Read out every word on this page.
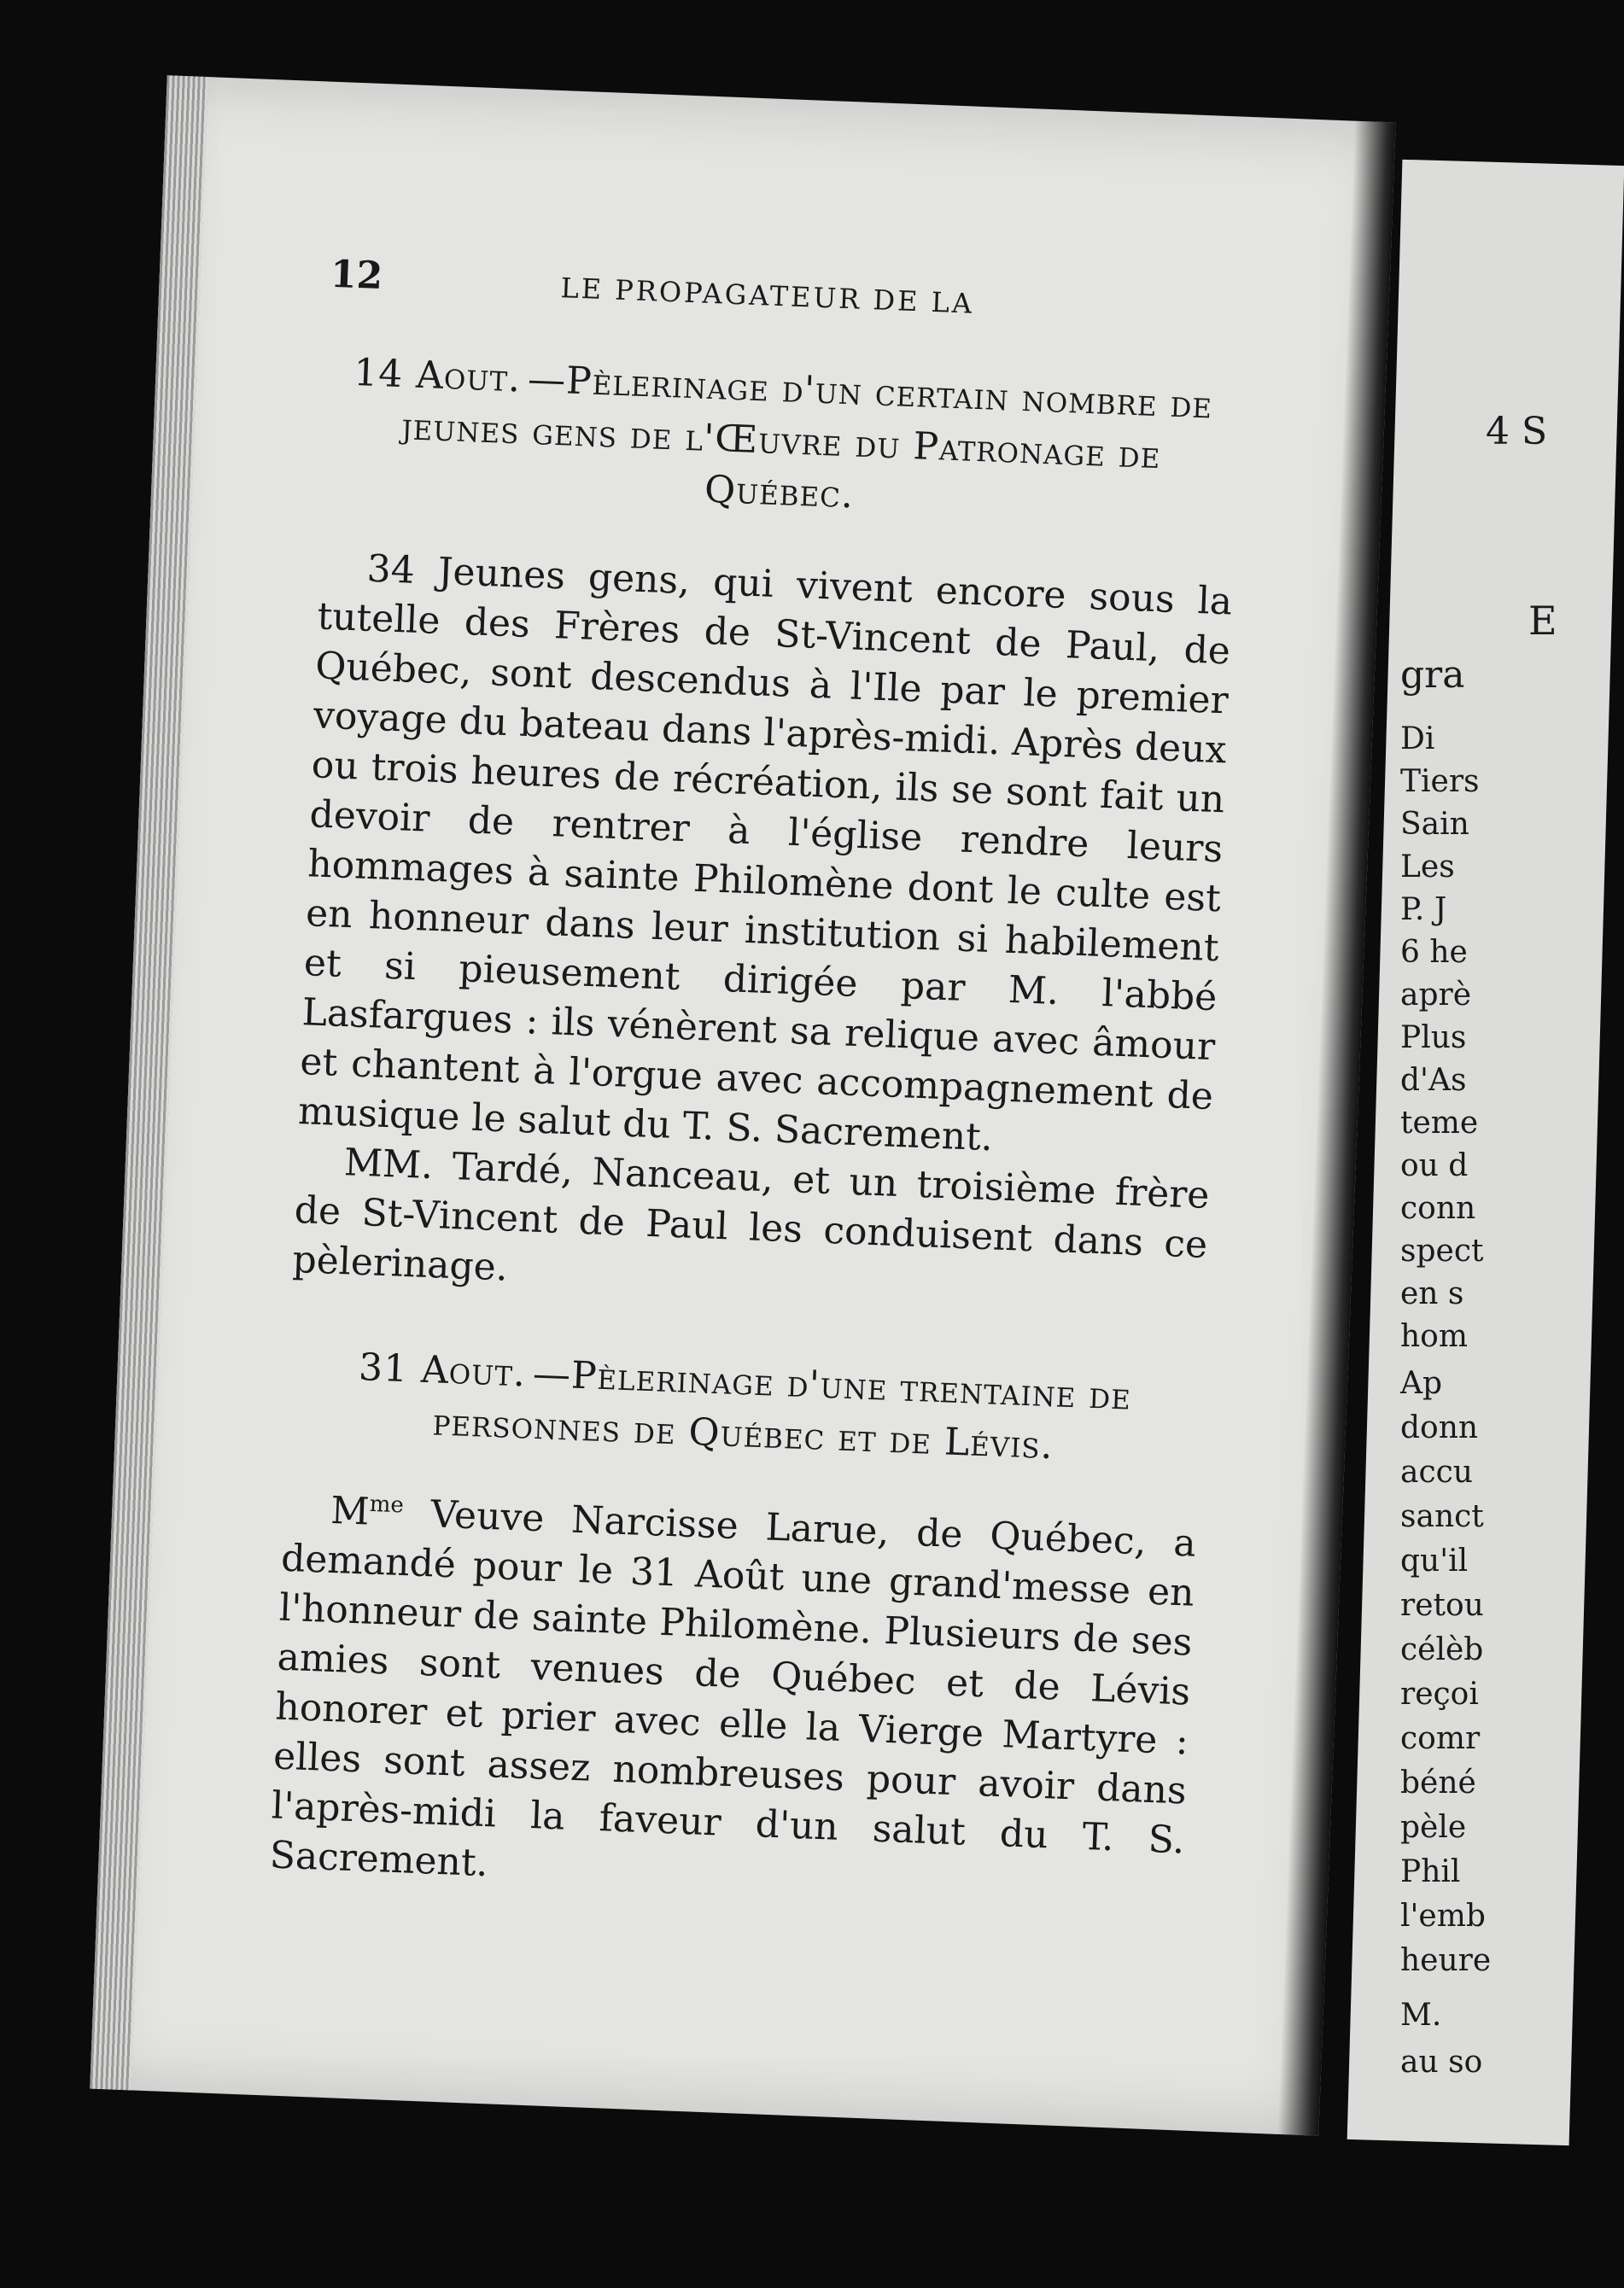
12	LE PROPAGATEUR DE LA

14 Aout. —Pèlerinage d'un certain nombre de jeunes gens de l'Œuvre du Patronage de Québec.

34 Jeunes gens, qui vivent encore sous la tutelle des Frères de St-Vincent de Paul, de Québec, sont descendus à l'Ile par le premier voyage du bateau dans l'après-midi. Après deux ou trois heures de récréation, ils se sont fait un devoir de rentrer à l'église rendre leurs hommages à sainte Philomène dont le culte est en honneur dans leur institution si habilement et si pieusement dirigée par M. l'abbé Lasfargues : ils vénèrent sa relique avec âmour et chantent à l'orgue avec accompagnement de musique le salut du T. S. Sacrement.

MM. Tardé, Nanceau, et un troisième frère de St-Vincent de Paul les conduisent dans ce pèlerinage.

31 Aout. —Pèlerinage d'une trentaine de personnes de Québec et de Lévis.

$M^{me}$ Veuve Narcisse Larue, de Québec, a demandé pour le 31 Août une grand'messe en l'honneur de sainte Philomène. Plusieurs de ses amies sont venues de Québec et de Lévis honorer et prier avec elle la Vierge Martyre : elles sont assez nombreuses pour avoir dans l'après-midi la faveur d'un salut du T. S. Sacrement.

4 S
E
gra
Di
Tiers
Sain
Les
P. J
6 he
aprè
Plus
d'As
teme
ou d
conn
spect
en s
hom
Ap
donn
accu
sanct
qu'il
retou
célèb
reçoi
comr
béné
pèle
Phil
l'emb
heure
M.
au so
